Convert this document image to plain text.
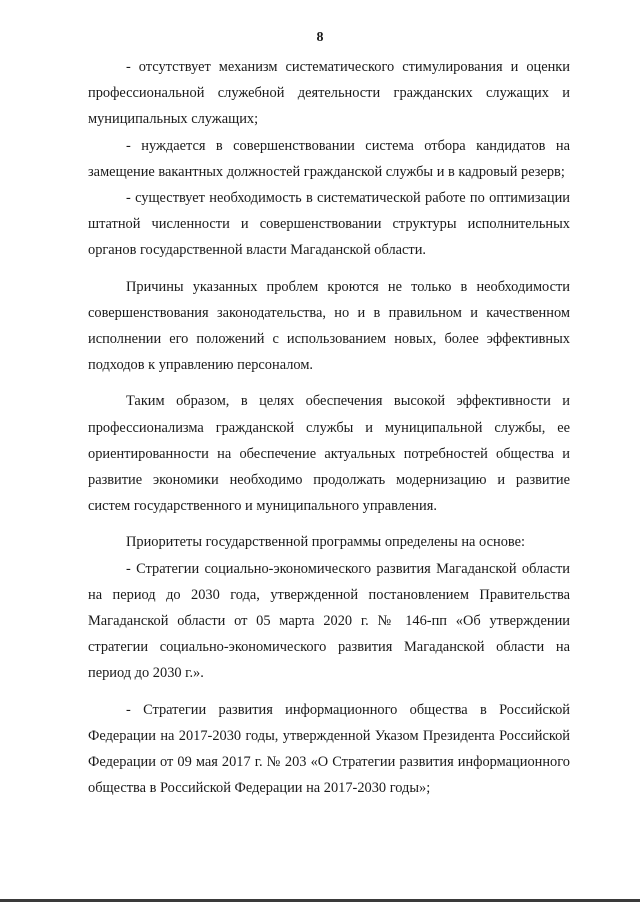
8

- отсутствует механизм систематического стимулирования и оценки профессиональной служебной деятельности гражданских служащих и муниципальных служащих;

- нуждается в совершенствовании система отбора кандидатов на замещение вакантных должностей гражданской службы и в кадровый резерв;

- существует необходимость в систематической работе по оптимизации штатной численности и совершенствовании структуры исполнительных органов государственной власти Магаданской области.

Причины указанных проблем кроются не только в необходимости совершенствования законодательства, но и в правильном и качественном исполнении его положений с использованием новых, более эффективных подходов к управлению персоналом.

Таким образом, в целях обеспечения высокой эффективности и профессионализма гражданской службы и муниципальной службы, ее ориентированности на обеспечение актуальных потребностей общества и развитие экономики необходимо продолжать модернизацию и развитие систем государственного и муниципального управления.

Приоритеты государственной программы определены на основе:

- Стратегии социально-экономического развития Магаданской области на период до 2030 года, утвержденной постановлением Правительства Магаданской области от 05 марта 2020 г. № 146-пп «Об утверждении стратегии социально-экономического развития Магаданской области на период до 2030 г.».

- Стратегии развития информационного общества в Российской Федерации на 2017-2030 годы, утвержденной Указом Президента Российской Федерации от 09 мая 2017 г. № 203 «О Стратегии развития информационного общества в Российской Федерации на 2017-2030 годы»;
